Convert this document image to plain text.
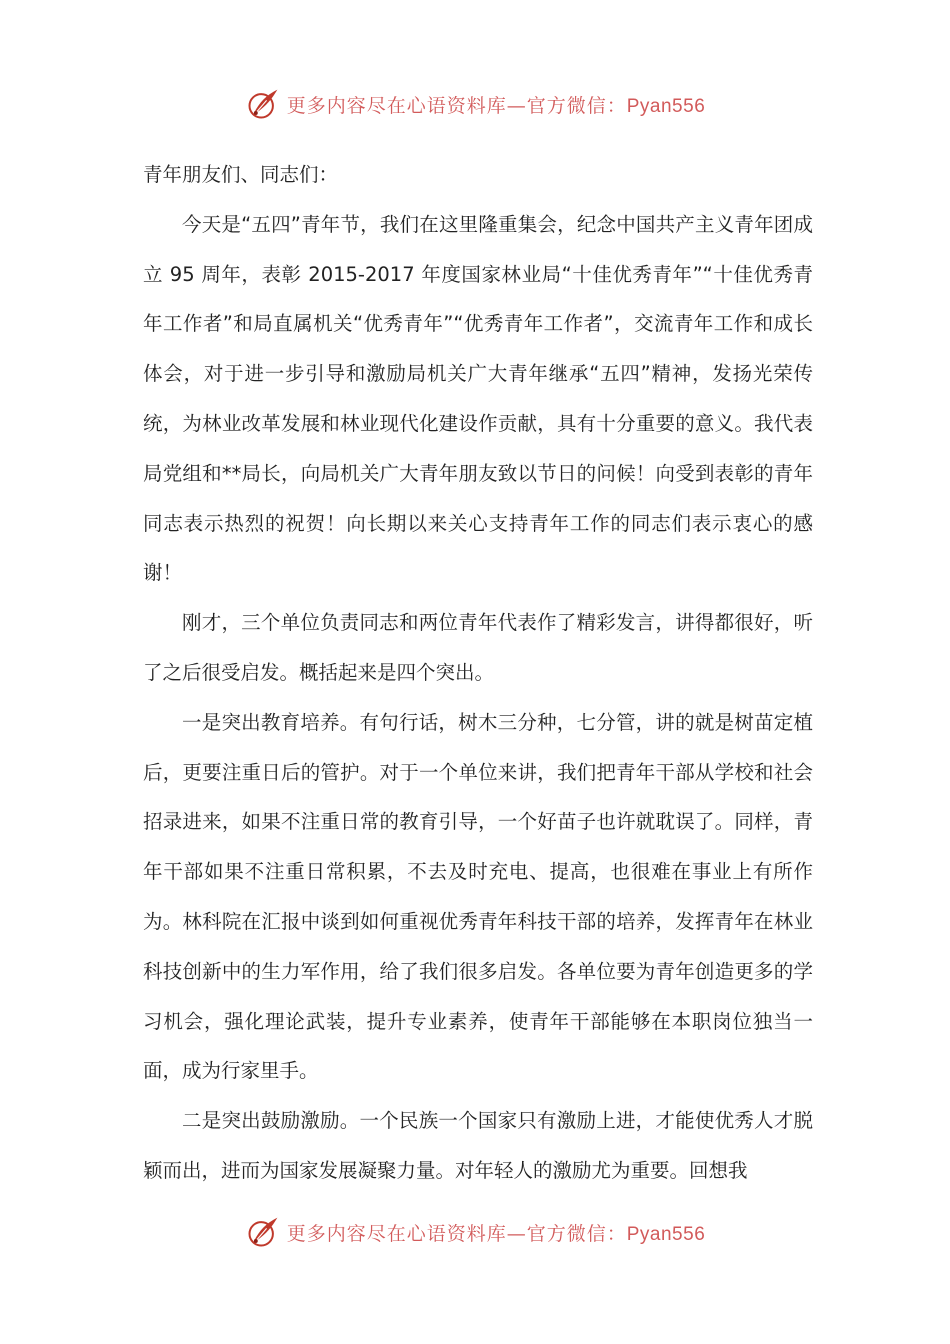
更多内容尽在心语资料库—官方微信：Pyan556

青年朋友们、同志们：

今天是“五四”青年节，我们在这里隆重集会，纪念中国共产主义青年团成立 95 周年，表彰 2015-2017 年度国家林业局“十佳优秀青年”“十佳优秀青年工作者”和局直属机关“优秀青年”“优秀青年工作者”，交流青年工作和成长体会，对于进一步引导和激励局机关广大青年继承“五四”精神，发扬光荣传统，为林业改革发展和林业现代化建设作贡献，具有十分重要的意义。我代表局党组和**局长，向局机关广大青年朋友致以节日的问候！向受到表彰的青年同志表示热烈的祝贺！向长期以来关心支持青年工作的同志们表示衷心的感谢！

刚才，三个单位负责同志和两位青年代表作了精彩发言，讲得都很好，听了之后很受启发。概括起来是四个突出。

一是突出教育培养。有句行话，树木三分种，七分管，讲的就是树苗定植后，更要注重日后的管护。对于一个单位来讲，我们把青年干部从学校和社会招录进来，如果不注重日常的教育引导，一个好苗子也许就耽误了。同样，青年干部如果不注重日常积累，不去及时充电、提高，也很难在事业上有所作为。林科院在汇报中谈到如何重视优秀青年科技干部的培养，发挥青年在林业科技创新中的生力军作用，给了我们很多启发。各单位要为青年创造更多的学习机会，强化理论武装，提升专业素养，使青年干部能够在本职岗位独当一面，成为行家里手。

二是突出鼓励激励。一个民族一个国家只有激励上进，才能使优秀人才脱颖而出，进而为国家发展凝聚力量。对年轻人的激励尤为重要。回想我

更多内容尽在心语资料库—官方微信：Pyan556
